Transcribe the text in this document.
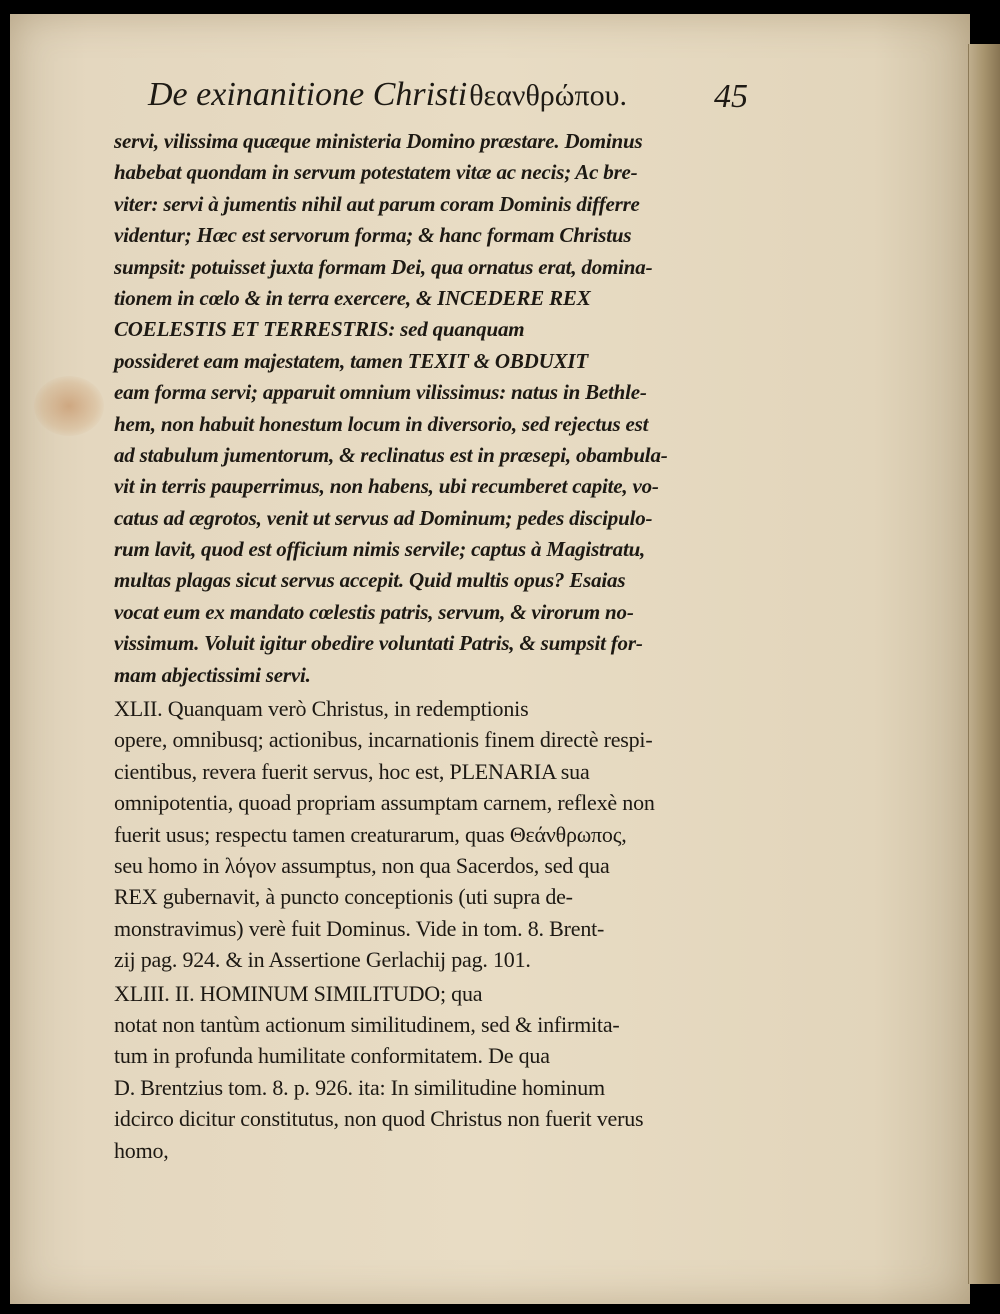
De exinanitione Christiθεανθρώπου.	45
servi, vilissima quæque ministeria Domino præstare. Dominus
habebat quondam in servum potestatem vitæ ac necis; Ac bre-
viter: servi à jumentis nihil aut parum coram Dominis differre
videntur; Hæc est servorum forma; & hanc formam Christus
sumpsit: potuisset juxta formam Dei, qua ornatus erat, domina-
tionem in cœlo & in terra exercere, & INCEDERE REX
COELESTIS ET TERRESTRIS: sed quanquam
possideret eam majestatem, tamen TEXIT & OBDUXIT
eam forma servi; apparuit omnium vilissimus: natus in Bethle-
hem, non habuit honestum locum in diversorio, sed rejectus est
ad stabulum jumentorum, & reclinatus est in præsepi, obambula-
vit in terris pauperrimus, non habens, ubi recumberet capite, vo-
catus ad ægrotos, venit ut servus ad Dominum; pedes discipulo-
rum lavit, quod est officium nimis servile; captus à Magistratu,
multas plagas sicut servus accepit. Quid multis opus? Esaias
vocat eum ex mandato cœlestis patris, servum, & virorum no-
vissimum. Voluit igitur obedire voluntati Patris, & sumpsit for-
mam abjectissimi servi.
XLII. Quanquam verò Christus, in redemptionis
opere, omnibusq; actionibus, incarnationis finem directè respi-
cientibus, revera fuerit servus, hoc est, PLENARIA sua
omnipotentia, quoad propriam assumptam carnem, reflexè non
fuerit usus; respectu tamen creaturarum, quas Θεάνθρωπος,
seu homo in λόγον assumptus, non qua Sacerdos, sed qua
REX gubernavit, à puncto conceptionis (uti supra de-
monstravimus) verè fuit Dominus. Vide in tom. 8. Brent-
zij pag. 924. & in Assertione Gerlachij pag. 101.
XLIII. II. HOMINUM SIMILITUDO; qua
notat non tantùm actionum similitudinem, sed & infirmita-
tum in profunda humilitate conformitatem. De qua
D. Brentzius tom. 8. p. 926. ita: In similitudine hominum
idcirco dicitur constitutus, non quod Christus non fuerit verus
homo,
